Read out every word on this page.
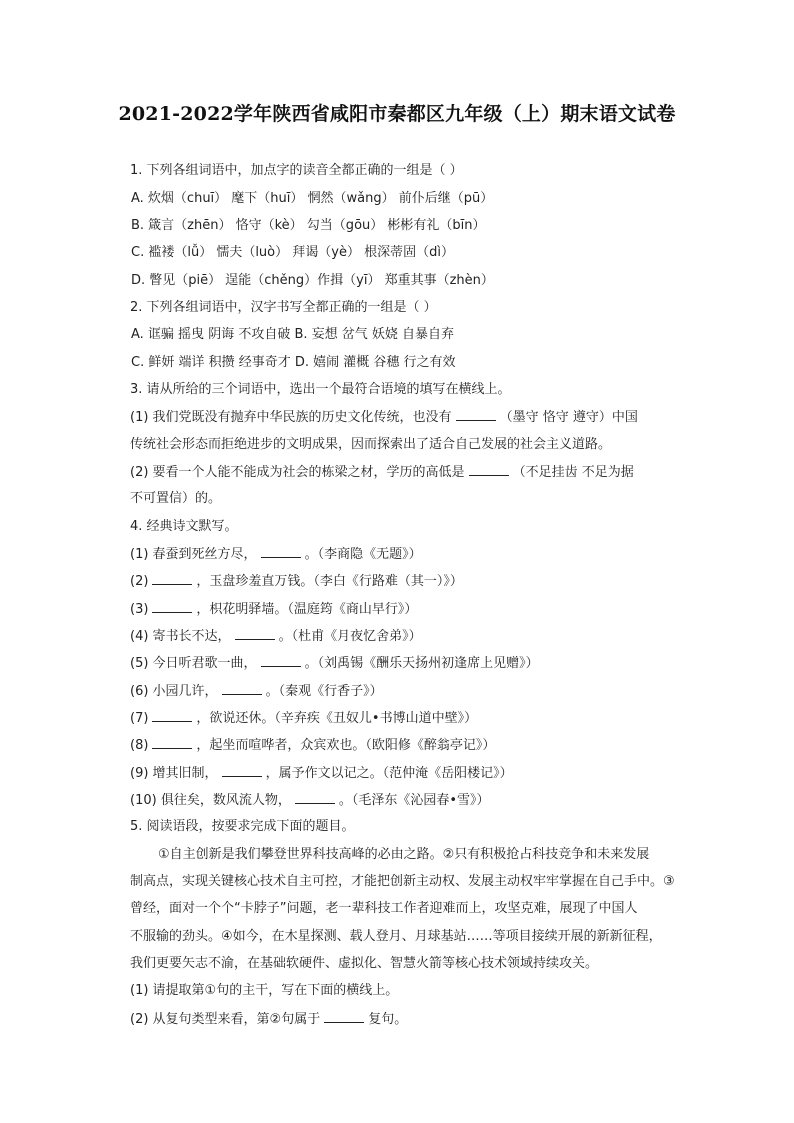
2021-2022学年陕西省咸阳市秦都区九年级（上）期末语文试卷
1. 下列各组词语中，加点字的读音全都正确的一组是（ ）
A. 炊烟（chuī） 麾下（huī） 惘然（wǎng） 前仆后继（pū）
B. 箴言（zhēn） 恪守（kè） 勾当（gōu） 彬彬有礼（bīn）
C. 褴褛（lǚ） 懦夫（luò） 拜谒（yè） 根深蒂固（dì）
D. 瞥见（piē） 逞能（chěng）作揖（yī） 郑重其事（zhèn）
2. 下列各组词语中，汉字书写全都正确的一组是（ ）
A. 诓骗 摇曳 阴诲 不攻自破 B. 妄想 岔气 妖娆 自暴自弃
C. 鲜妍 端详 积攒 经事奇才 D. 嬉闹 灌概 谷穗 行之有效
3. 请从所给的三个词语中，选出一个最符合语境的填写在横线上。
(1) 我们党既没有抛弃中华民族的历史文化传统，也没有	（墨守 恪守 遵守）中国
传统社会形态而拒绝进步的文明成果，因而探索出了适合自己发展的社会主义道路。
(2) 要看一个人能不能成为社会的栋梁之材，学历的高低是	（不足挂齿 不足为据
不可置信）的。
4. 经典诗文默写。
(1) 春蚕到死丝方尽，	。（李商隐《无题》）
(2)	，玉盘珍羞直万钱。（李白《行路难（其一）》）
(3)	，枳花明驿墙。（温庭筠《商山早行》）
(4) 寄书长不达，	。（杜甫《月夜忆舍弟》）
(5) 今日听君歌一曲，	。（刘禹锡《酬乐天扬州初逢席上见赠》）
(6) 小园几许，	。（秦观《行香子》）
(7)	，欲说还休。（辛弃疾《丑奴儿•书博山道中壁》）
(8)	，起坐而喧哗者，众宾欢也。（欧阳修《醉翁亭记》）
(9) 增其旧制，	，属予作文以记之。（范仲淹《岳阳楼记》）
(10) 俱往矣，数风流人物，	。（毛泽东《沁园春•雪》）
5. 阅读语段，按要求完成下面的题目。
①自主创新是我们攀登世界科技高峰的必由之路。②只有积极抢占科技竞争和未来发展
制高点，实现关键核心技术自主可控，才能把创新主动权、发展主动权牢牢掌握在自己手中。③
曾经，面对一个个“卡脖子”问题，老一辈科技工作者迎难而上，攻坚克难，展现了中国人
不服输的劲头。④如今，在木星探测、载人登月、月球基站……等项目接续开展的新新征程，
我们更要矢志不渝，在基础软硬件、虚拟化、智慧火箭等核心技术领域持续攻关。
(1) 请提取第①句的主干，写在下面的横线上。
(2) 从复句类型来看，第②句属于	复句。
